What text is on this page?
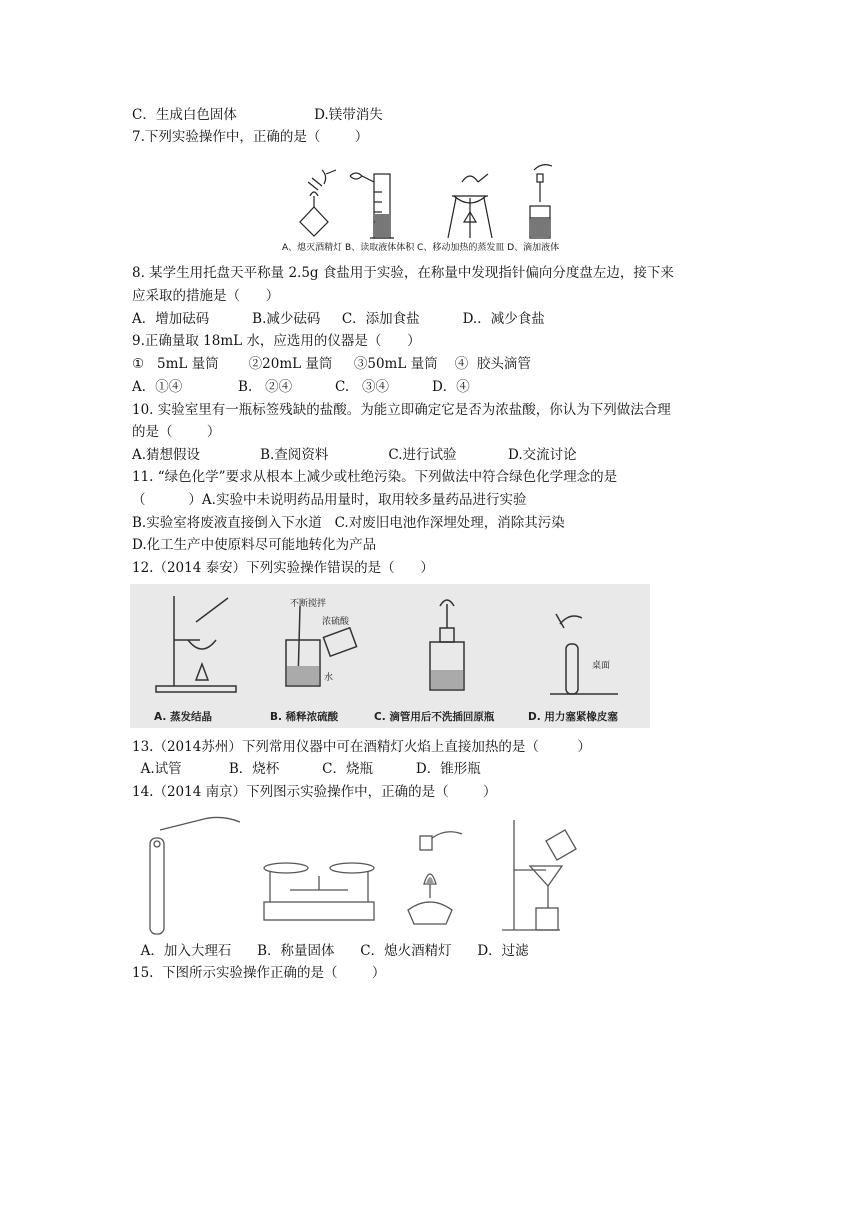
C．生成白色固体                  D.镁带消失
7.下列实验操作中，正确的是（        ）
A、熄灭酒精灯 B、读取液体体积 C、移动加热的蒸发皿 D、滴加液体
8. 某学生用托盘天平称量 2.5g 食盐用于实验，在称量中发现指针偏向分度盘左边，接下来
应采取的措施是（      ）
A．增加砝码          B.减少砝码     C．添加食盐          D.．减少食盐
9.正确量取 18mL 水，应选用的仪器是（      ）
①   5mL 量筒       ②20mL 量筒     ③50mL 量筒    ④  胶头滴管
A．①④             B.   ②④          C.   ③④          D．④
10. 实验室里有一瓶标签残缺的盐酸。为能立即确定它是否为浓盐酸，你认为下列做法合理
的是（        ）
A.猜想假设              B.查阅资料              C.进行试验            D.交流讨论
11. “绿色化学”要求从根本上减少或杜绝污染。下列做法中符合绿色化学理念的是
（          ）A.实验中未说明药品用量时，取用较多量药品进行实验
B.实验室将废液直接倒入下水道   C.对废旧电池作深埋处理，消除其污染
D.化工生产中使原料尽可能地转化为产品
12.（2014 泰安）下列实验操作错误的是（      ）
不断搅拌
浓硫酸
水
桌面
A. 蒸发结晶	B. 稀释浓硫酸	C. 滴管用后不洗插回原瓶	D. 用力塞紧橡皮塞
13.（2014苏州）下列常用仪器中可在酒精灯火焰上直接加热的是（         ）
A.试管           B．烧杯          C．烧瓶          D．锥形瓶
14.（2014 南京）下列图示实验操作中，正确的是（        ）
A．加入大理石      B．称量固体      C．熄火酒精灯      D．过滤
15.  下图所示实验操作正确的是（        ）
